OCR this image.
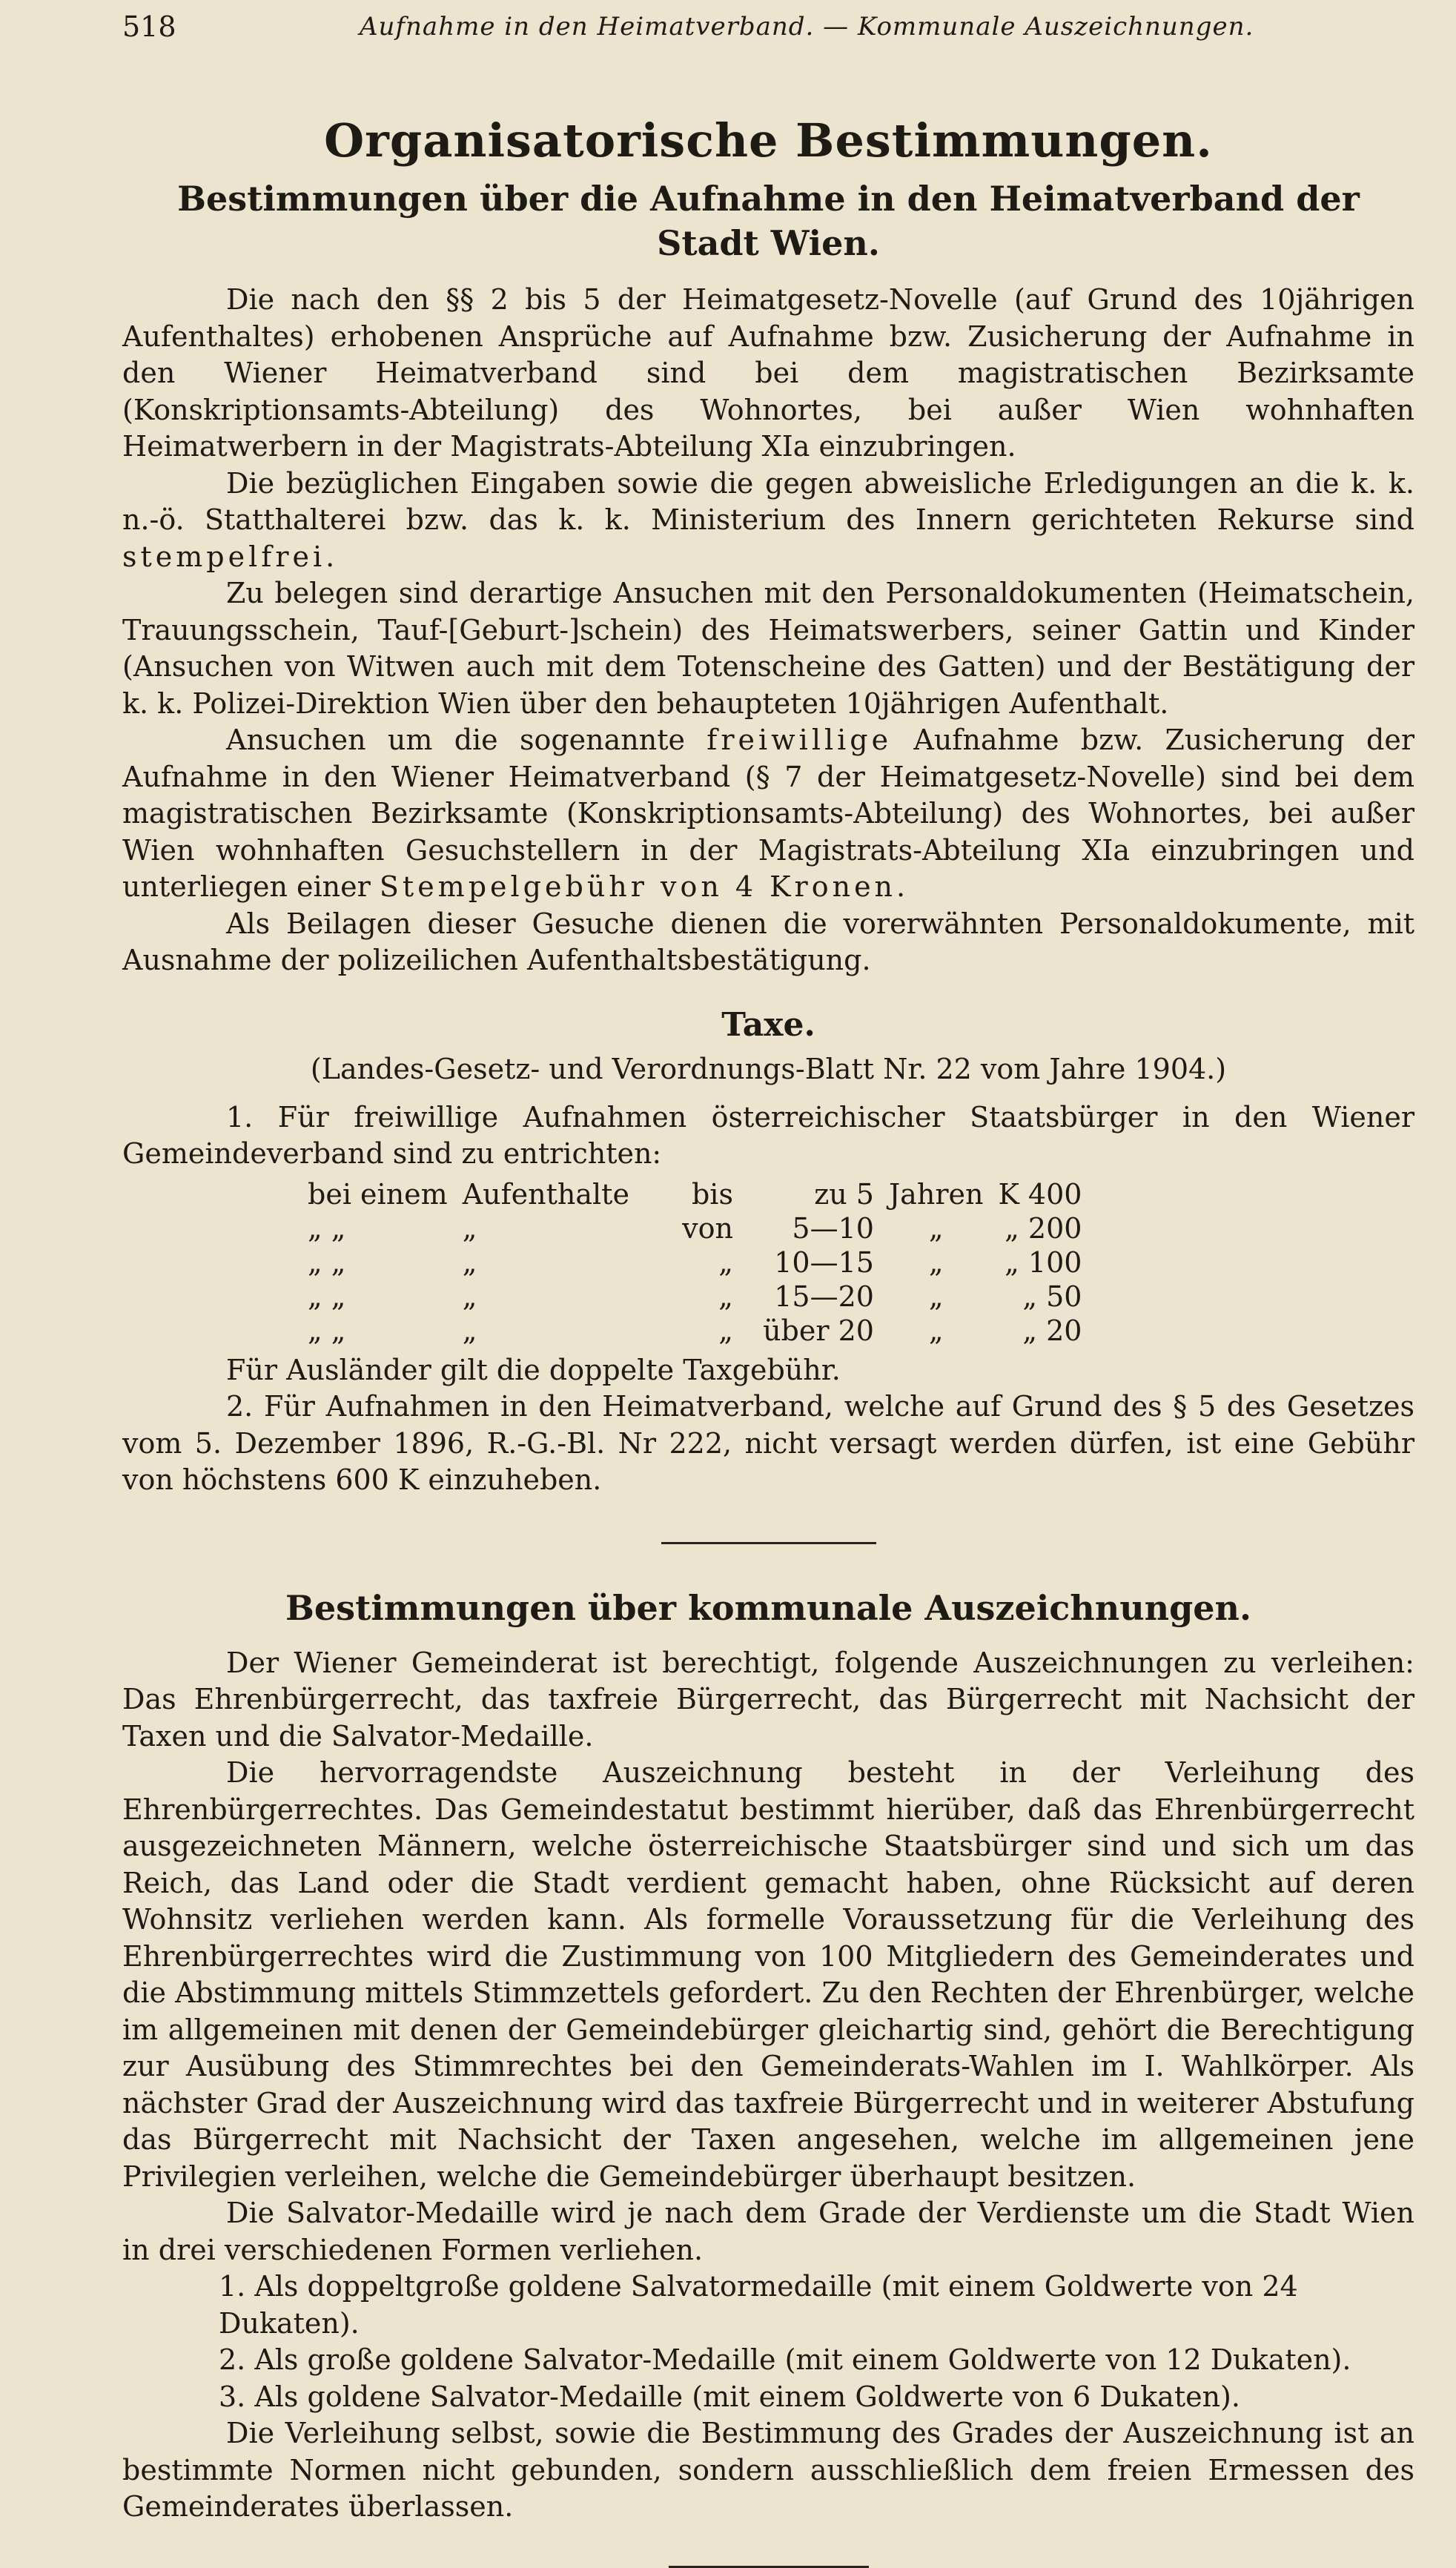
518	Aufnahme in den Heimatverband. — Kommunale Auszeichnungen.
Organisatorische Bestimmungen.
Bestimmungen über die Aufnahme in den Heimatverband der Stadt Wien.

Die nach den §§ 2 bis 5 der Heimatgesetz-Novelle (auf Grund des 10jährigen Aufenthaltes) erhobenen Ansprüche auf Aufnahme bzw. Zusicherung der Aufnahme in den Wiener Heimatverband sind bei dem magistratischen Bezirksamte (Konskriptionsamts-Abteilung) des Wohnortes, bei außer Wien wohnhaften Heimatwerbern in der Magistrats-Abteilung XIa einzubringen.

Die bezüglichen Eingaben sowie die gegen abweisliche Erledigungen an die k. k. n.-ö. Statthalterei bzw. das k. k. Ministerium des Innern gerichteten Rekurse sind stempelfrei.

Zu belegen sind derartige Ansuchen mit den Personaldokumenten (Heimatschein, Trauungsschein, Tauf-[Geburt-]schein) des Heimatswerbers, seiner Gattin und Kinder (Ansuchen von Witwen auch mit dem Totenscheine des Gatten) und der Bestätigung der k. k. Polizei-Direktion Wien über den behaupteten 10jährigen Aufenthalt.

Ansuchen um die sogenannte freiwillige Aufnahme bzw. Zusicherung der Aufnahme in den Wiener Heimatverband (§ 7 der Heimatgesetz-Novelle) sind bei dem magistratischen Bezirksamte (Konskriptionsamts-Abteilung) des Wohnortes, bei außer Wien wohnhaften Gesuchstellern in der Magistrats-Abteilung XIa einzubringen und unterliegen einer Stempelgebühr von 4 Kronen.

Als Beilagen dieser Gesuche dienen die vorerwähnten Personaldokumente, mit Ausnahme der polizeilichen Aufenthaltsbestätigung.

Taxe.
(Landes-Gesetz- und Verordnungs-Blatt Nr. 22 vom Jahre 1904.)

1. Für freiwillige Aufnahmen österreichischer Staatsbürger in den Wiener Gemeindeverband sind zu entrichten:

bei einem	Aufenthalte	bis	zu 5	Jahren	K 400
„ „	„	von	5—10	„	„ 200
„ „	„	„	10—15	„	„ 100
„ „	„	„	15—20	„	„ 50
„ „	„	„	über 20	„	„ 20

Für Ausländer gilt die doppelte Taxgebühr.

2. Für Aufnahmen in den Heimatverband, welche auf Grund des § 5 des Gesetzes vom 5. Dezember 1896, R.-G.-Bl. Nr 222, nicht versagt werden dürfen, ist eine Gebühr von höchstens 600 K einzuheben.

Bestimmungen über kommunale Auszeichnungen.

Der Wiener Gemeinderat ist berechtigt, folgende Auszeichnungen zu verleihen: Das Ehrenbürgerrecht, das taxfreie Bürgerrecht, das Bürgerrecht mit Nachsicht der Taxen und die Salvator-Medaille.

Die hervorragendste Auszeichnung besteht in der Verleihung des Ehrenbürgerrechtes. Das Gemeindestatut bestimmt hierüber, daß das Ehrenbürgerrecht ausgezeichneten Männern, welche österreichische Staatsbürger sind und sich um das Reich, das Land oder die Stadt verdient gemacht haben, ohne Rücksicht auf deren Wohnsitz verliehen werden kann. Als formelle Voraussetzung für die Verleihung des Ehrenbürgerrechtes wird die Zustimmung von 100 Mitgliedern des Gemeinderates und die Abstimmung mittels Stimmzettels gefordert. Zu den Rechten der Ehrenbürger, welche im allgemeinen mit denen der Gemeindebürger gleichartig sind, gehört die Berechtigung zur Ausübung des Stimmrechtes bei den Gemeinderats-Wahlen im I. Wahlkörper. Als nächster Grad der Auszeichnung wird das taxfreie Bürgerrecht und in weiterer Abstufung das Bürgerrecht mit Nachsicht der Taxen angesehen, welche im allgemeinen jene Privilegien verleihen, welche die Gemeindebürger überhaupt besitzen.

Die Salvator-Medaille wird je nach dem Grade der Verdienste um die Stadt Wien in drei verschiedenen Formen verliehen.

1. Als doppeltgroße goldene Salvatormedaille (mit einem Goldwerte von 24 Dukaten).
2. Als große goldene Salvator-Medaille (mit einem Goldwerte von 12 Dukaten).
3. Als goldene Salvator-Medaille (mit einem Goldwerte von 6 Dukaten).

Die Verleihung selbst, sowie die Bestimmung des Grades der Auszeichnung ist an bestimmte Normen nicht gebunden, sondern ausschließlich dem freien Ermessen des Gemeinderates überlassen.
